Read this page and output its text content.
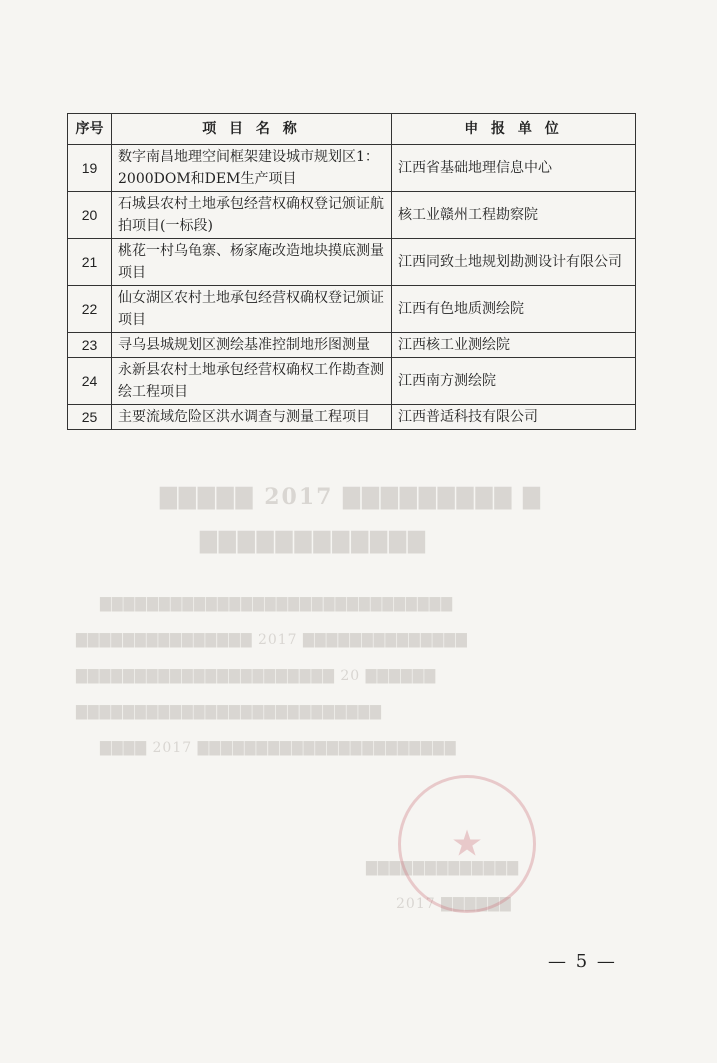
▇▇▇▇▇ 2017 ▇▇▇▇▇▇▇▇▇ ▇
▇▇▇▇▇▇▇▇▇▇▇▇
▇▇▇▇▇▇▇▇▇▇▇▇▇▇▇▇▇▇▇▇▇▇▇▇▇▇▇▇▇▇
▇▇▇▇▇▇▇▇▇▇▇▇▇▇▇ 2017 ▇▇▇▇▇▇▇▇▇▇▇▇▇▇
▇▇▇▇▇▇▇▇▇▇▇▇▇▇▇▇▇▇▇▇▇▇ 20 ▇▇▇▇▇▇
▇▇▇▇▇▇▇▇▇▇▇▇▇▇▇▇▇▇▇▇▇▇▇▇▇▇
▇▇▇▇ 2017 ▇▇▇▇▇▇▇▇▇▇▇▇▇▇▇▇▇▇▇▇▇▇
▇▇▇▇▇▇▇▇▇▇▇▇▇
2017 ▇▇▇▇▇▇
★
序号	项 目 名 称	申 报 单 位
19	数字南昌地理空间框架建设城市规划区1：2000DOM和DEM生产项目	江西省基础地理信息中心
20	石城县农村土地承包经营权确权登记颁证航拍项目(一标段)	核工业赣州工程勘察院
21	桃花一村乌龟寨、杨家庵改造地块摸底测量项目	江西同致土地规划勘测设计有限公司
22	仙女湖区农村土地承包经营权确权登记颁证项目	江西有色地质测绘院
23	寻乌县城规划区测绘基准控制地形图测量	江西核工业测绘院
24	永新县农村土地承包经营权确权工作勘查测绘工程项目	江西南方测绘院
25	主要流域危险区洪水调查与测量工程项目	江西普适科技有限公司
— 5 —
